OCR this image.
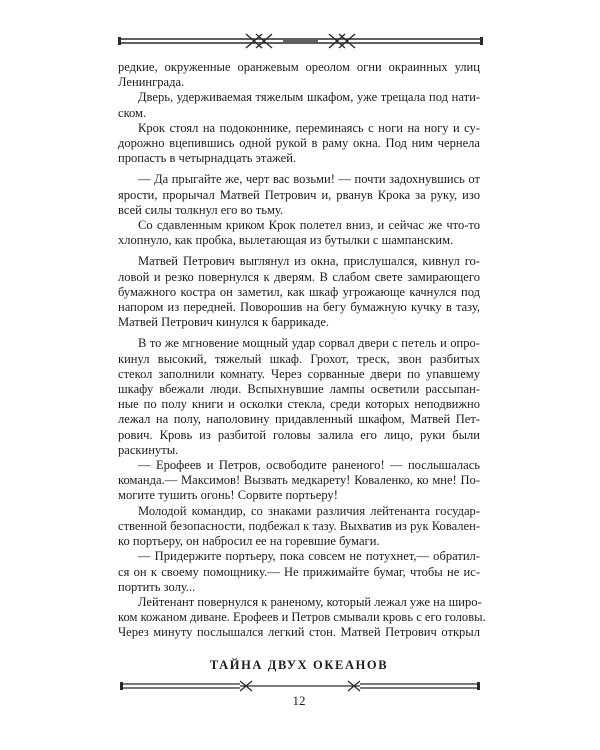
редкие, окруженные оранжевым ореолом огни окраинных улиц
Ленинграда.

Дверь, удерживаемая тяжелым шкафом, уже трещала под нати-
ском.

Крок стоял на подоконнике, переминаясь с ноги на ногу и су-
дорожно вцепившись одной рукой в раму окна. Под ним чернела
пропасть в четырнадцать этажей.

— Да прыгайте же, черт вас возьми! — почти задохнувшись от
ярости, прорычал Матвей Петрович и, рванув Крока за руку, изо
всей силы толкнул его во тьму.

Со сдавленным криком Крок полетел вниз, и сейчас же что-то
хлопнуло, как пробка, вылетающая из бутылки с шампанским.

Матвей Петрович выглянул из окна, прислушался, кивнул го-
ловой и резко повернулся к дверям. В слабом свете замирающего
бумажного костра он заметил, как шкаф угрожающе качнулся под
напором из передней. Поворошив на бегу бумажную кучку в тазу,
Матвей Петрович кинулся к баррикаде.

В то же мгновение мощный удар сорвал двери с петель и опро-
кинул высокий, тяжелый шкаф. Грохот, треск, звон разбитых
стекол заполнили комнату. Через сорванные двери по упавшему
шкафу вбежали люди. Вспыхнувшие лампы осветили рассыпан-
ные по полу книги и осколки стекла, среди которых неподвижно
лежал на полу, наполовину придавленный шкафом, Матвей Пет-
рович. Кровь из разбитой головы залила его лицо, руки были
раскинуты.

— Ерофеев и Петров, освободите раненого! — послышалась
команда.— Максимов! Вызвать медкарету! Коваленко, ко мне! По-
могите тушить огонь! Сорвите портьеру!

Молодой командир, со знаками различия лейтенанта государ-
ственной безопасности, подбежал к тазу. Выхватив из рук Ковален-
ко портьеру, он набросил ее на горевшие бумаги.

— Придержите портьеру, пока совсем не потухнет,— обратил-
ся он к своему помощнику.— Не прижимайте бумаг, чтобы не ис-
портить золу...

Лейтенант повернулся к раненому, который лежал уже на широ-
ком кожаном диване. Ерофеев и Петров смывали кровь с его головы.
Через минуту послышался легкий стон. Матвей Петрович открыл

ТАЙНА ДВУХ ОКЕАНОВ
12
